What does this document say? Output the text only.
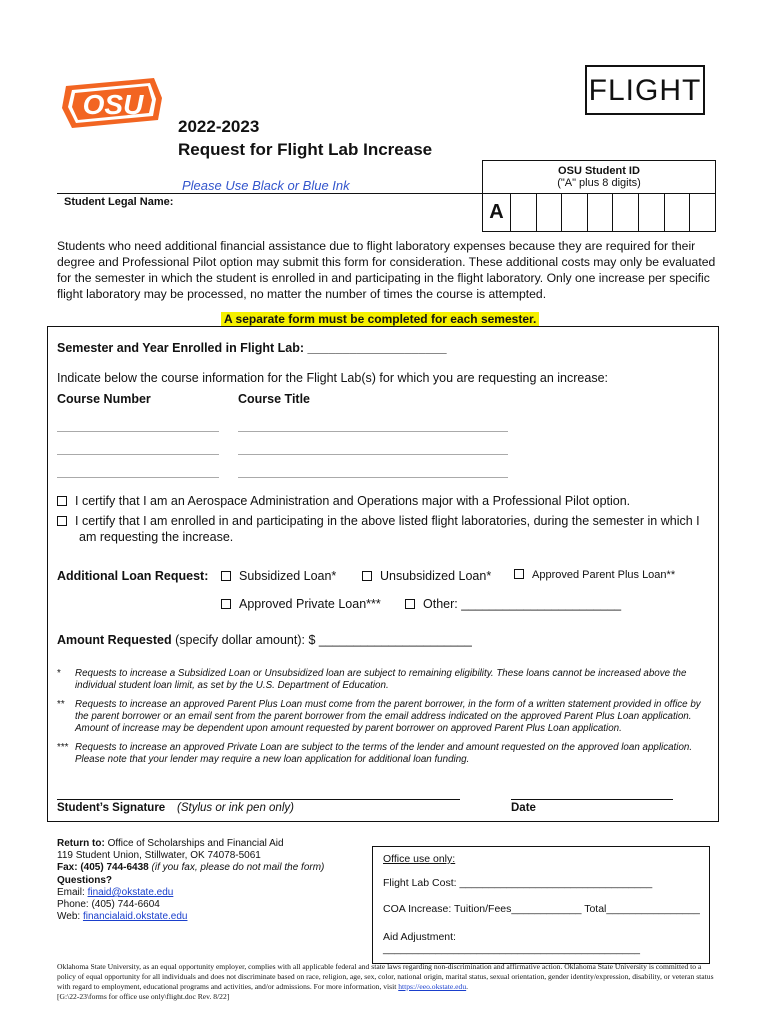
OSU	FLIGHT
2022-2023
Request for Flight Lab Increase
Please Use Black or Blue Ink
Student Legal Name:
OSU Student ID
("A" plus 8 digits)
A
Students who need additional financial assistance due to flight laboratory expenses because they are required for their degree and Professional Pilot option may submit this form for consideration. These additional costs may only be evaluated for the semester in which the student is enrolled in and participating in the flight laboratory. Only one increase per specific flight laboratory may be processed, no matter the number of times the course is attempted.
A separate form must be completed for each semester.
Semester and Year Enrolled in Flight Lab: ____________________
Indicate below the course information for the Flight Lab(s) for which you are requesting an increase:
Course Number	Course Title
I certify that I am an Aerospace Administration and Operations major with a Professional Pilot option.
I certify that I am enrolled in and participating in the above listed flight laboratories, during the semester in which I am requesting the increase.
Additional Loan Request:	Subsidized Loan*	Unsubsidized Loan*	Approved Parent Plus Loan**
Approved Private Loan***	Other: _______________________
Amount Requested (specify dollar amount): $ ______________________
* Requests to increase a Subsidized Loan or Unsubsidized loan are subject to remaining eligibility. These loans cannot be increased above the individual student loan limit, as set by the U.S. Department of Education.
** Requests to increase an approved Parent Plus Loan must come from the parent borrower, in the form of a written statement provided in office by the parent borrower or an email sent from the parent borrower from the email address indicated on the approved Parent Plus Loan application. Amount of increase may be dependent upon amount requested by parent borrower on approved Parent Plus Loan application.
*** Requests to increase an approved Private Loan are subject to the terms of the lender and amount requested on the approved loan application. Please note that your lender may require a new loan application for additional loan funding.
Student’s Signature (Stylus or ink pen only)	Date
Return to: Office of Scholarships and Financial Aid
119 Student Union, Stillwater, OK 74078-5061
Fax: (405) 744-6438 (if you fax, please do not mail the form)
Questions?
Email: finaid@okstate.edu
Phone: (405) 744-6604
Web: financialaid.okstate.edu
Office use only:
Flight Lab Cost: _________________________________
COA Increase: Tuition/Fees____________ Total________________
Aid Adjustment: ____________________________________________
Oklahoma State University, as an equal opportunity employer, complies with all applicable federal and state laws regarding non-discrimination and affirmative action. Oklahoma State University is committed to a policy of equal opportunity for all individuals and does not discriminate based on race, religion, age, sex, color, national origin, marital status, sexual orientation, gender identity/expression, disability, or veteran status with regard to employment, educational programs and activities, and/or admissions. For more information, visit https://eeo.okstate.edu.
[G:\22-23\forms for office use only\flight.doc Rev. 8/22]
